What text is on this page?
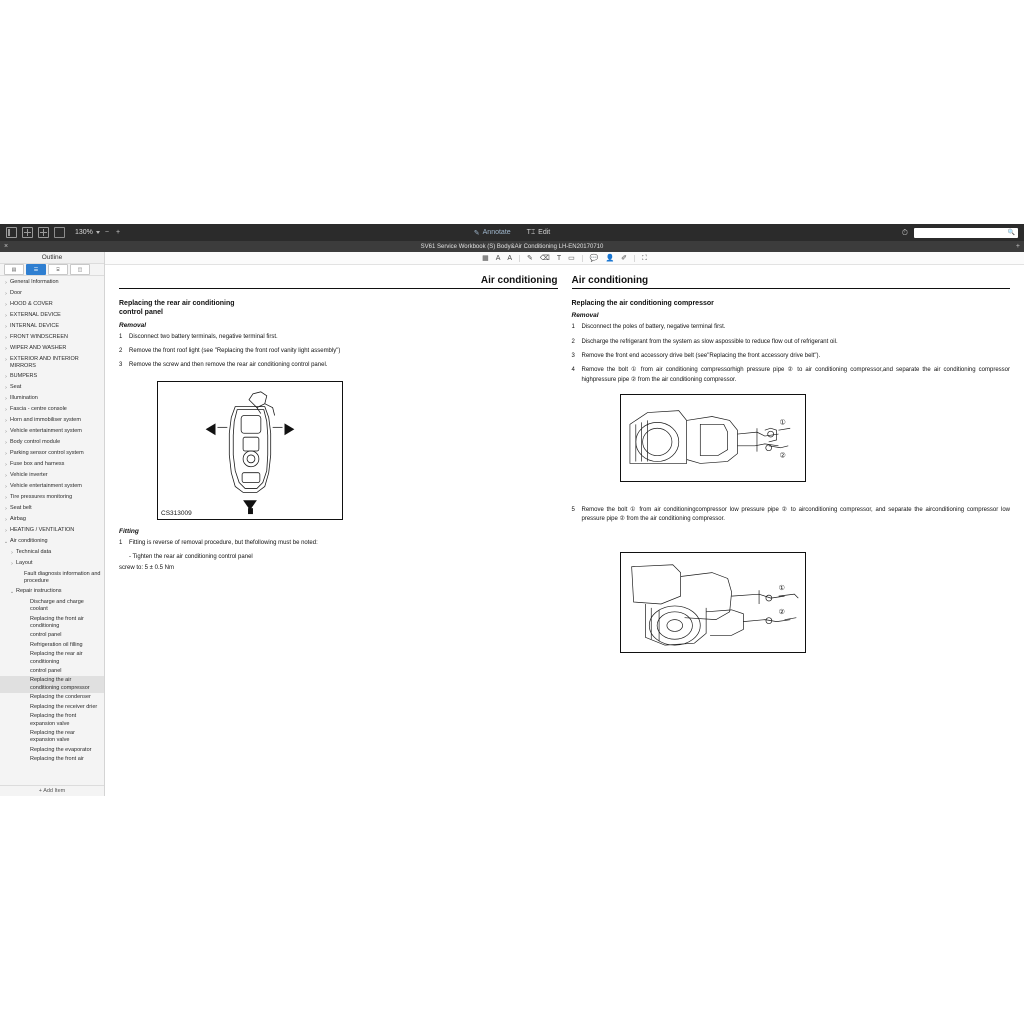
130% − +	✎ Annotate T⌶ Edit	⏱	🔍
×	SV61 Service Workbook (S) Body&Air Conditioning LH-EN20170710	+
Outline
▤	☰	⌸	◫
› General Information
› Door
› HOOD & COVER
› EXTERNAL DEVICE
› INTERNAL DEVICE
› FRONT WINDSCREEN
› WIPER AND WASHER
› EXTERIOR AND INTERIOR MIRRORS
› BUMPERS
› Seat
› Illumination
› Fascia - centre console
› Horn and immobiliser system
› Vehicle entertainment system
› Body control module
› Parking sensor control system
› Fuse box and harness
› Vehicle inverter
› Vehicle entertainment system
› Tire pressures monitoring
› Seat belt
› Airbag
› HEATING / VENTILATION
⌄ Air conditioning
› Technical data
› Layout
Fault diagnosis information and procedure
⌄ Repair instructions
Discharge and charge coolant
Replacing the front air conditioning
control panel
Refrigeration oil filling
Replacing the rear air conditioning
control panel
Replacing the air conditioning compressor
Replacing the condenser
Replacing the receiver drier
Replacing the front expansion valve
Replacing the rear expansion valve
Replacing the evaporator
Replacing the front air
+ Add Item
▦ A A ✎ ⌫ T ▭ 💬 👤 ✐ ⛶
Air conditioning
Replacing the rear air conditioning
control panel
Removal
1	Disconnect two battery terminals, negative terminal first.
2	Remove the front roof light (see "Replacing the front roof vanity light assembly")
3	Remove the screw and then remove the rear air conditioning control panel.
CS313009
Fitting
1	Fitting is reverse of removal procedure, but thefollowing must be noted:
- Tighten the rear air conditioning control panel
screw to: 5 ± 0.5 Nm
Air conditioning
Replacing the air conditioning compressor
Removal
1	Disconnect the poles of battery, negative terminal first.
2	Discharge the refrigerant from the system as slow aspossible to reduce flow out of refrigerant oil.
3	Remove the front end accessory drive belt (see"Replacing the front accessory drive belt").
4	Remove the bolt ① from air conditioning compressorhigh pressure pipe ② to air conditioning compressor,and separate the air conditioning compressor highpressure pipe ② from the air conditioning compressor.
①
②
5	Remove the bolt ① from air conditioningcompressor low pressure pipe ② to airconditioning compressor, and separate the airconditioning compressor low pressure pipe ② from the air conditioning compressor.
①
②
